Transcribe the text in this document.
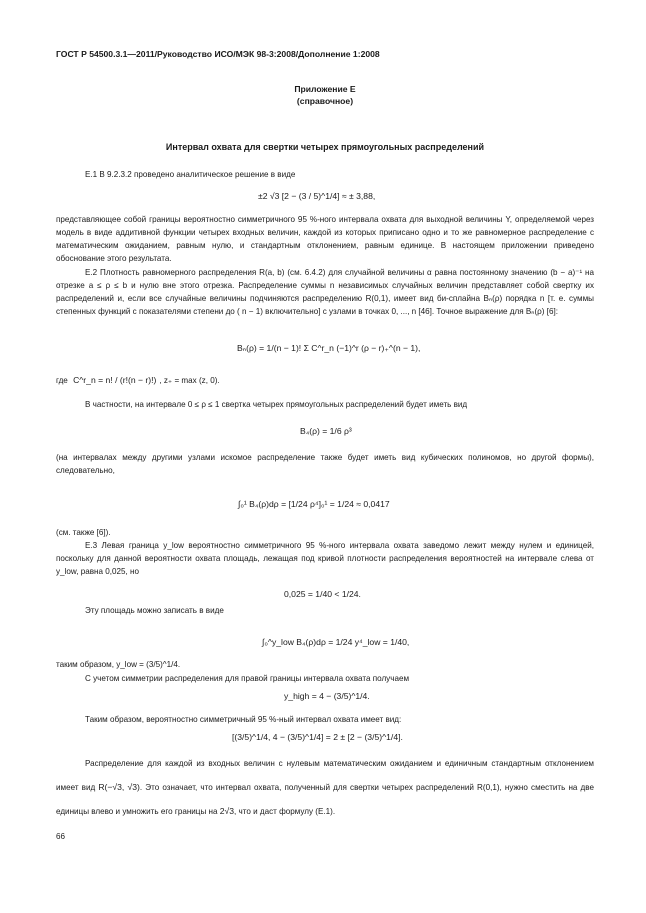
ГОСТ Р 54500.3.1—2011/Руководство ИСО/МЭК 98-3:2008/Дополнение 1:2008
Приложение Е
(справочное)
Интервал охвата для свертки четырех прямоугольных распределений

Е.1 В 9.2.3.2 проведено аналитическое решение в виде

±2 √3 [2 − (3 / 5)^1/4] ≈ ± 3,88,

представляющее собой границы вероятностно симметричного 95 %-ного интервала охвата для выходной величины Y, определяемой через модель в виде аддитивной функции четырех входных величин, каждой из которых приписано одно и то же равномерное распределение с математическим ожиданием, равным нулю, и стандартным отклонением, равным единице. В настоящем приложении приведено обоснование этого результата.

Е.2 Плотность равномерного распределения R(a, b) (см. 6.4.2) для случайной величины α равна постоянному значению (b − a)⁻¹ на отрезке a ≤ ρ ≤ b и нулю вне этого отрезка. Распределение суммы n независимых случайных величин представляет собой свертку их распределений и, если все случайные величины подчиняются распределению R(0,1), имеет вид би-сплайна Bₙ(ρ) порядка n [т. е. суммы степенных функций с показателями степени до ( n − 1) включительно] с узлами в точках 0, ..., n [46]. Точное выражение для Bₙ(ρ) [6]:

Bₙ(ρ) = 1/(n − 1)! Σ C^r_n (−1)^r (ρ − r)₊^(n − 1),
где C^r_n = n! / (r!(n − r)!) , z₊ = max (z, 0).

В частности, на интервале 0 ≤ ρ ≤ 1 свертка четырех прямоугольных распределений будет иметь вид

B₄(ρ) = 1/6 ρ³

(на интервалах между другими узлами искомое распределение также будет иметь вид кубических полиномов, но другой формы), следовательно,

∫₀¹ B₄(ρ)dρ = [1/24 ρ⁴]₀¹ = 1/24 ≈ 0,0417

(см. также [6]).

Е.3 Левая граница y_low вероятностно симметричного 95 %-ного интервала охвата заведомо лежит между нулем и единицей, поскольку для данной вероятности охвата площадь, лежащая под кривой плотности распределения вероятностей на интервале слева от y_low, равна 0,025, но

0,025 = 1/40 < 1/24.

Эту площадь можно записать в виде

∫₀^y_low B₄(ρ)dρ = 1/24 y⁴_low = 1/40,

таким образом, y_low = (3/5)^1/4.

С учетом симметрии распределения для правой границы интервала охвата получаем

y_high = 4 − (3/5)^1/4.

Таким образом, вероятностно симметричный 95 %-ный интервал охвата имеет вид:

[(3/5)^1/4, 4 − (3/5)^1/4] = 2 ± [2 − (3/5)^1/4].

Распределение для каждой из входных величин с нулевым математическим ожиданием и единичным стандартным отклонением имеет вид R(−√3, √3). Это означает, что интервал охвата, полученный для свертки четырех распределений R(0,1), нужно сместить на две единицы влево и умножить его границы на 2√3, что и даст формулу (Е.1).

66
